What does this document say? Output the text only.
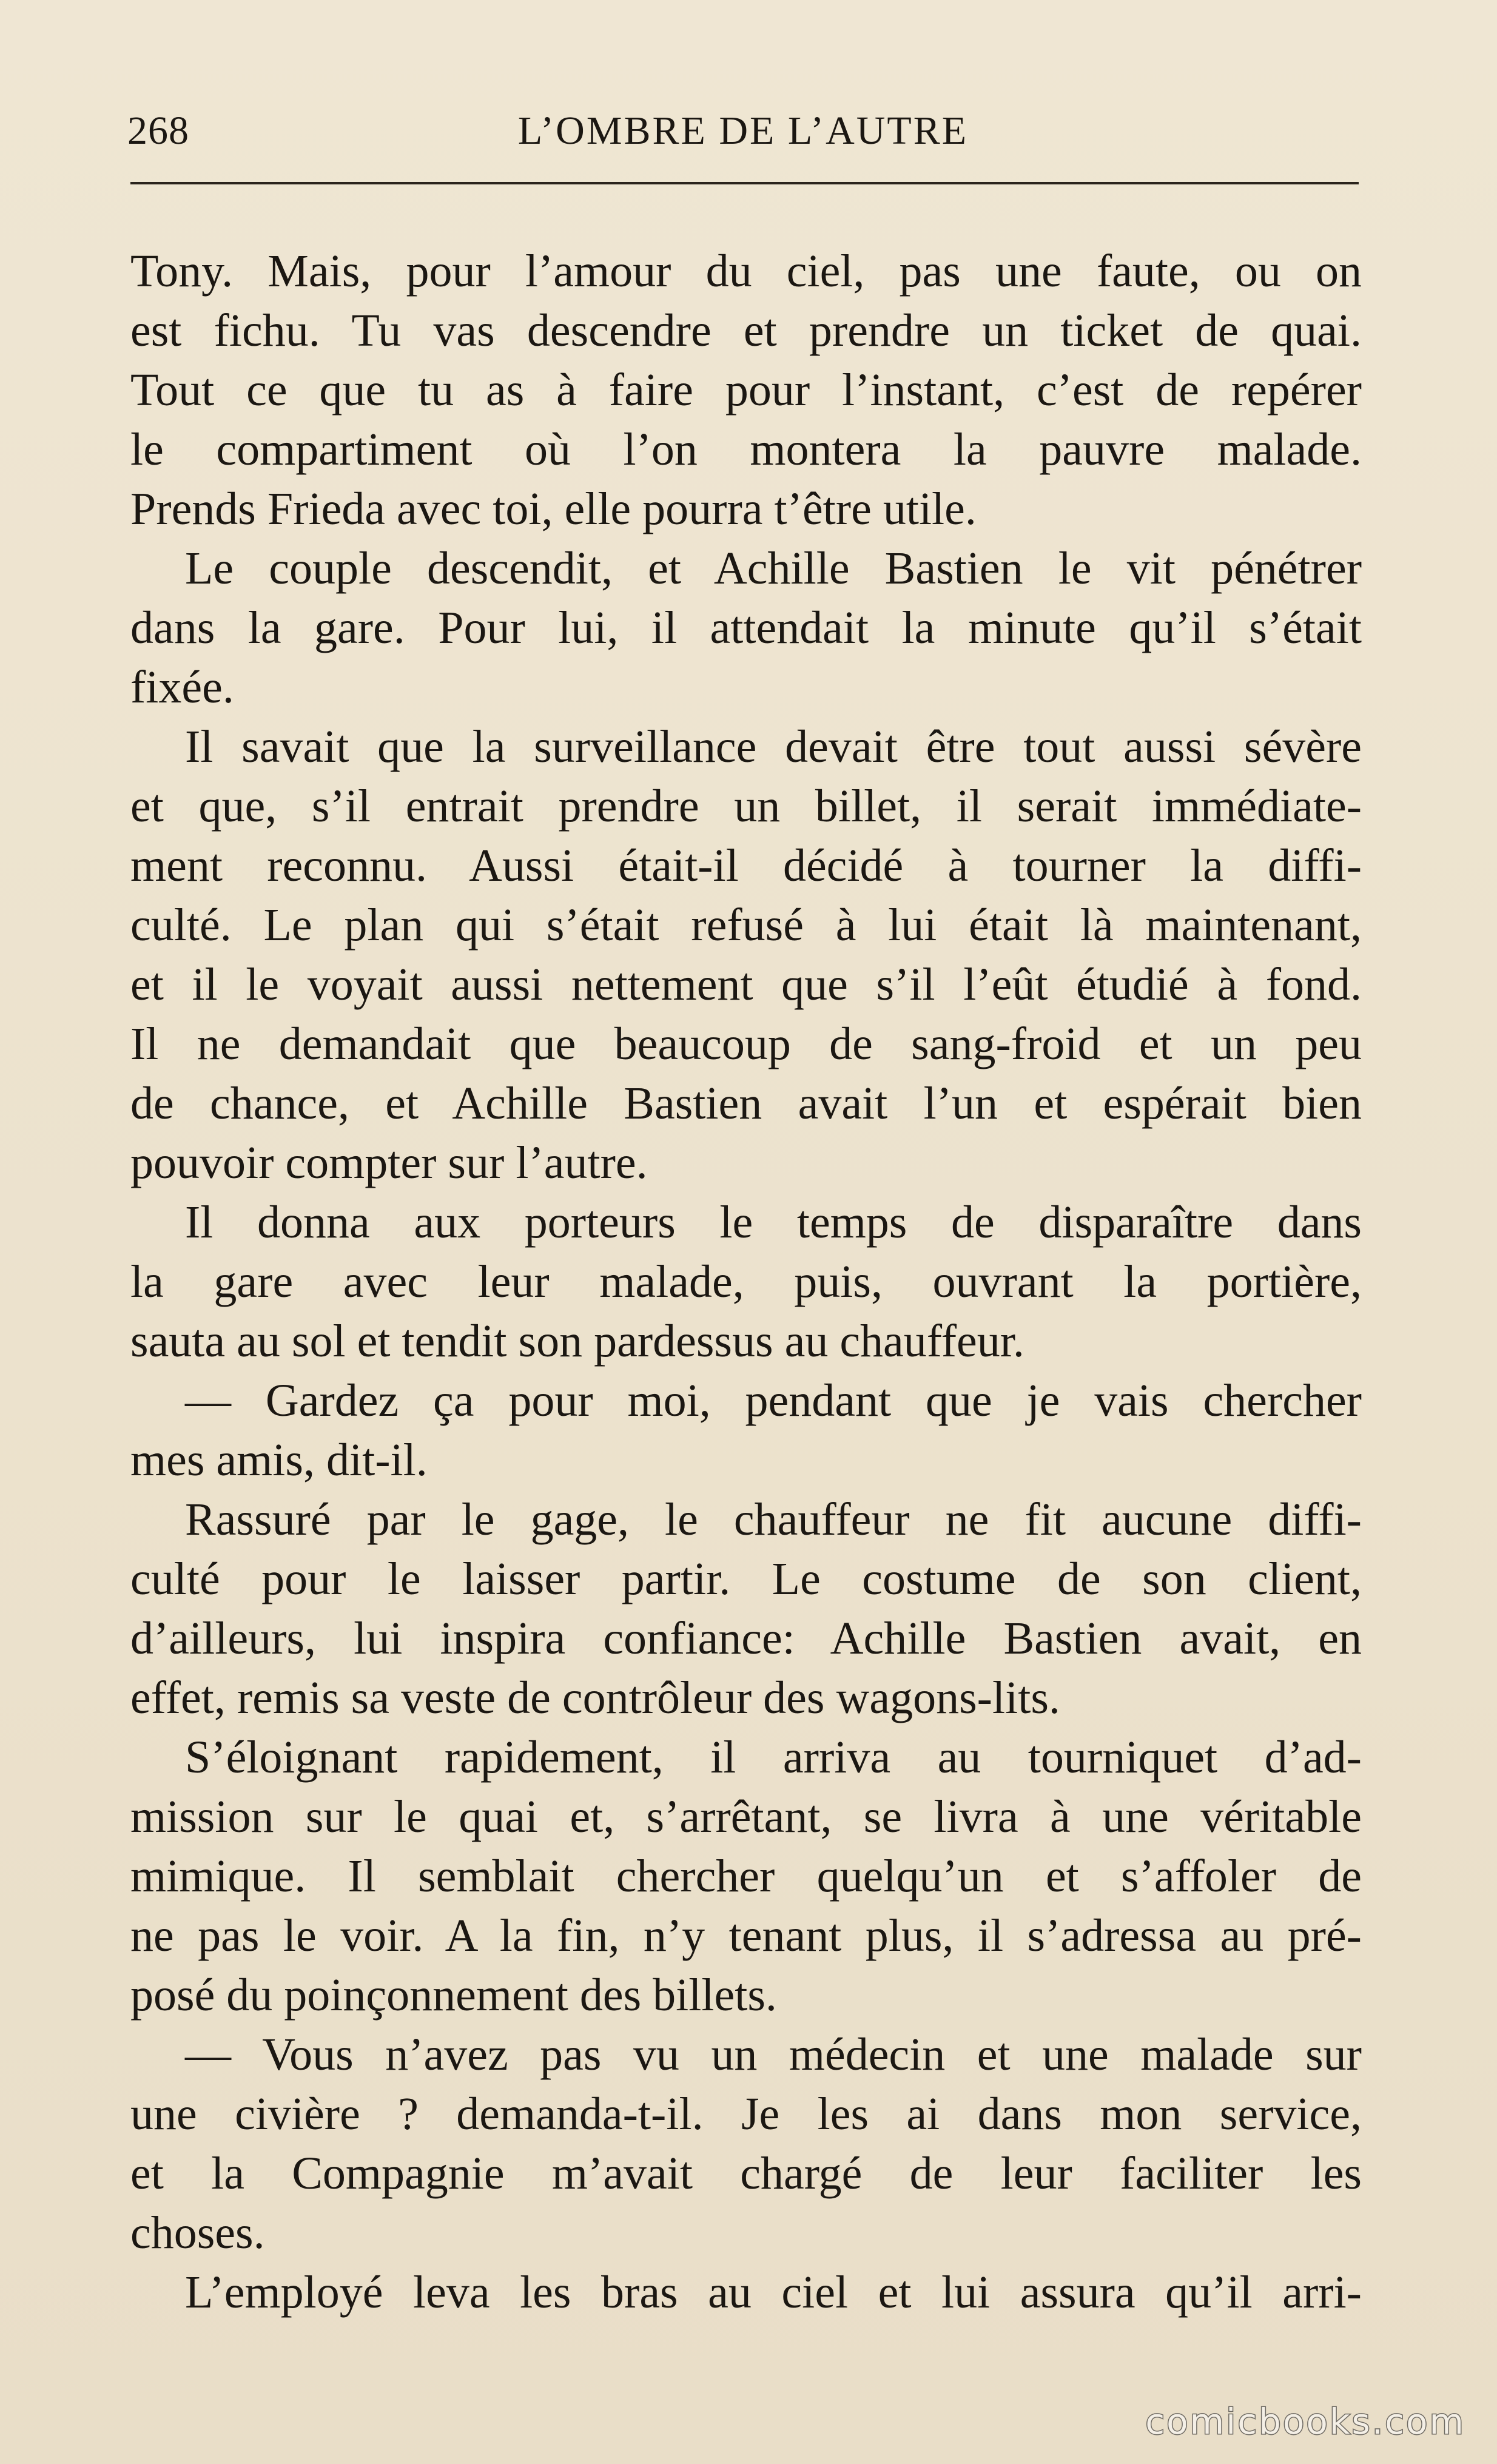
268	L’OMBRE DE L’AUTRE
Tony. Mais, pour l’amour du ciel, pas une faute, ou on
est fichu. Tu vas descendre et prendre un ticket de quai.
Tout ce que tu as à faire pour l’instant, c’est de repérer
le compartiment où l’on montera la pauvre malade.
Prends Frieda avec toi, elle pourra t’être utile.
Le couple descendit, et Achille Bastien le vit pénétrer
dans la gare. Pour lui, il attendait la minute qu’il s’était
fixée.
Il savait que la surveillance devait être tout aussi sévère
et que, s’il entrait prendre un billet, il serait immédiate-
ment reconnu. Aussi était-il décidé à tourner la diffi-
culté. Le plan qui s’était refusé à lui était là maintenant,
et il le voyait aussi nettement que s’il l’eût étudié à fond.
Il ne demandait que beaucoup de sang-froid et un peu
de chance, et Achille Bastien avait l’un et espérait bien
pouvoir compter sur l’autre.
Il donna aux porteurs le temps de disparaître dans
la gare avec leur malade, puis, ouvrant la portière,
sauta au sol et tendit son pardessus au chauffeur.
— Gardez ça pour moi, pendant que je vais chercher
mes amis, dit-il.
Rassuré par le gage, le chauffeur ne fit aucune diffi-
culté pour le laisser partir. Le costume de son client,
d’ailleurs, lui inspira confiance: Achille Bastien avait, en
effet, remis sa veste de contrôleur des wagons-lits.
S’éloignant rapidement, il arriva au tourniquet d’ad-
mission sur le quai et, s’arrêtant, se livra à une véritable
mimique. Il semblait chercher quelqu’un et s’affoler de
ne pas le voir. A la fin, n’y tenant plus, il s’adressa au pré-
posé du poinçonnement des billets.
— Vous n’avez pas vu un médecin et une malade sur
une civière ? demanda-t-il. Je les ai dans mon service,
et la Compagnie m’avait chargé de leur faciliter les
choses.
L’employé leva les bras au ciel et lui assura qu’il arri-
comicbooks.com
